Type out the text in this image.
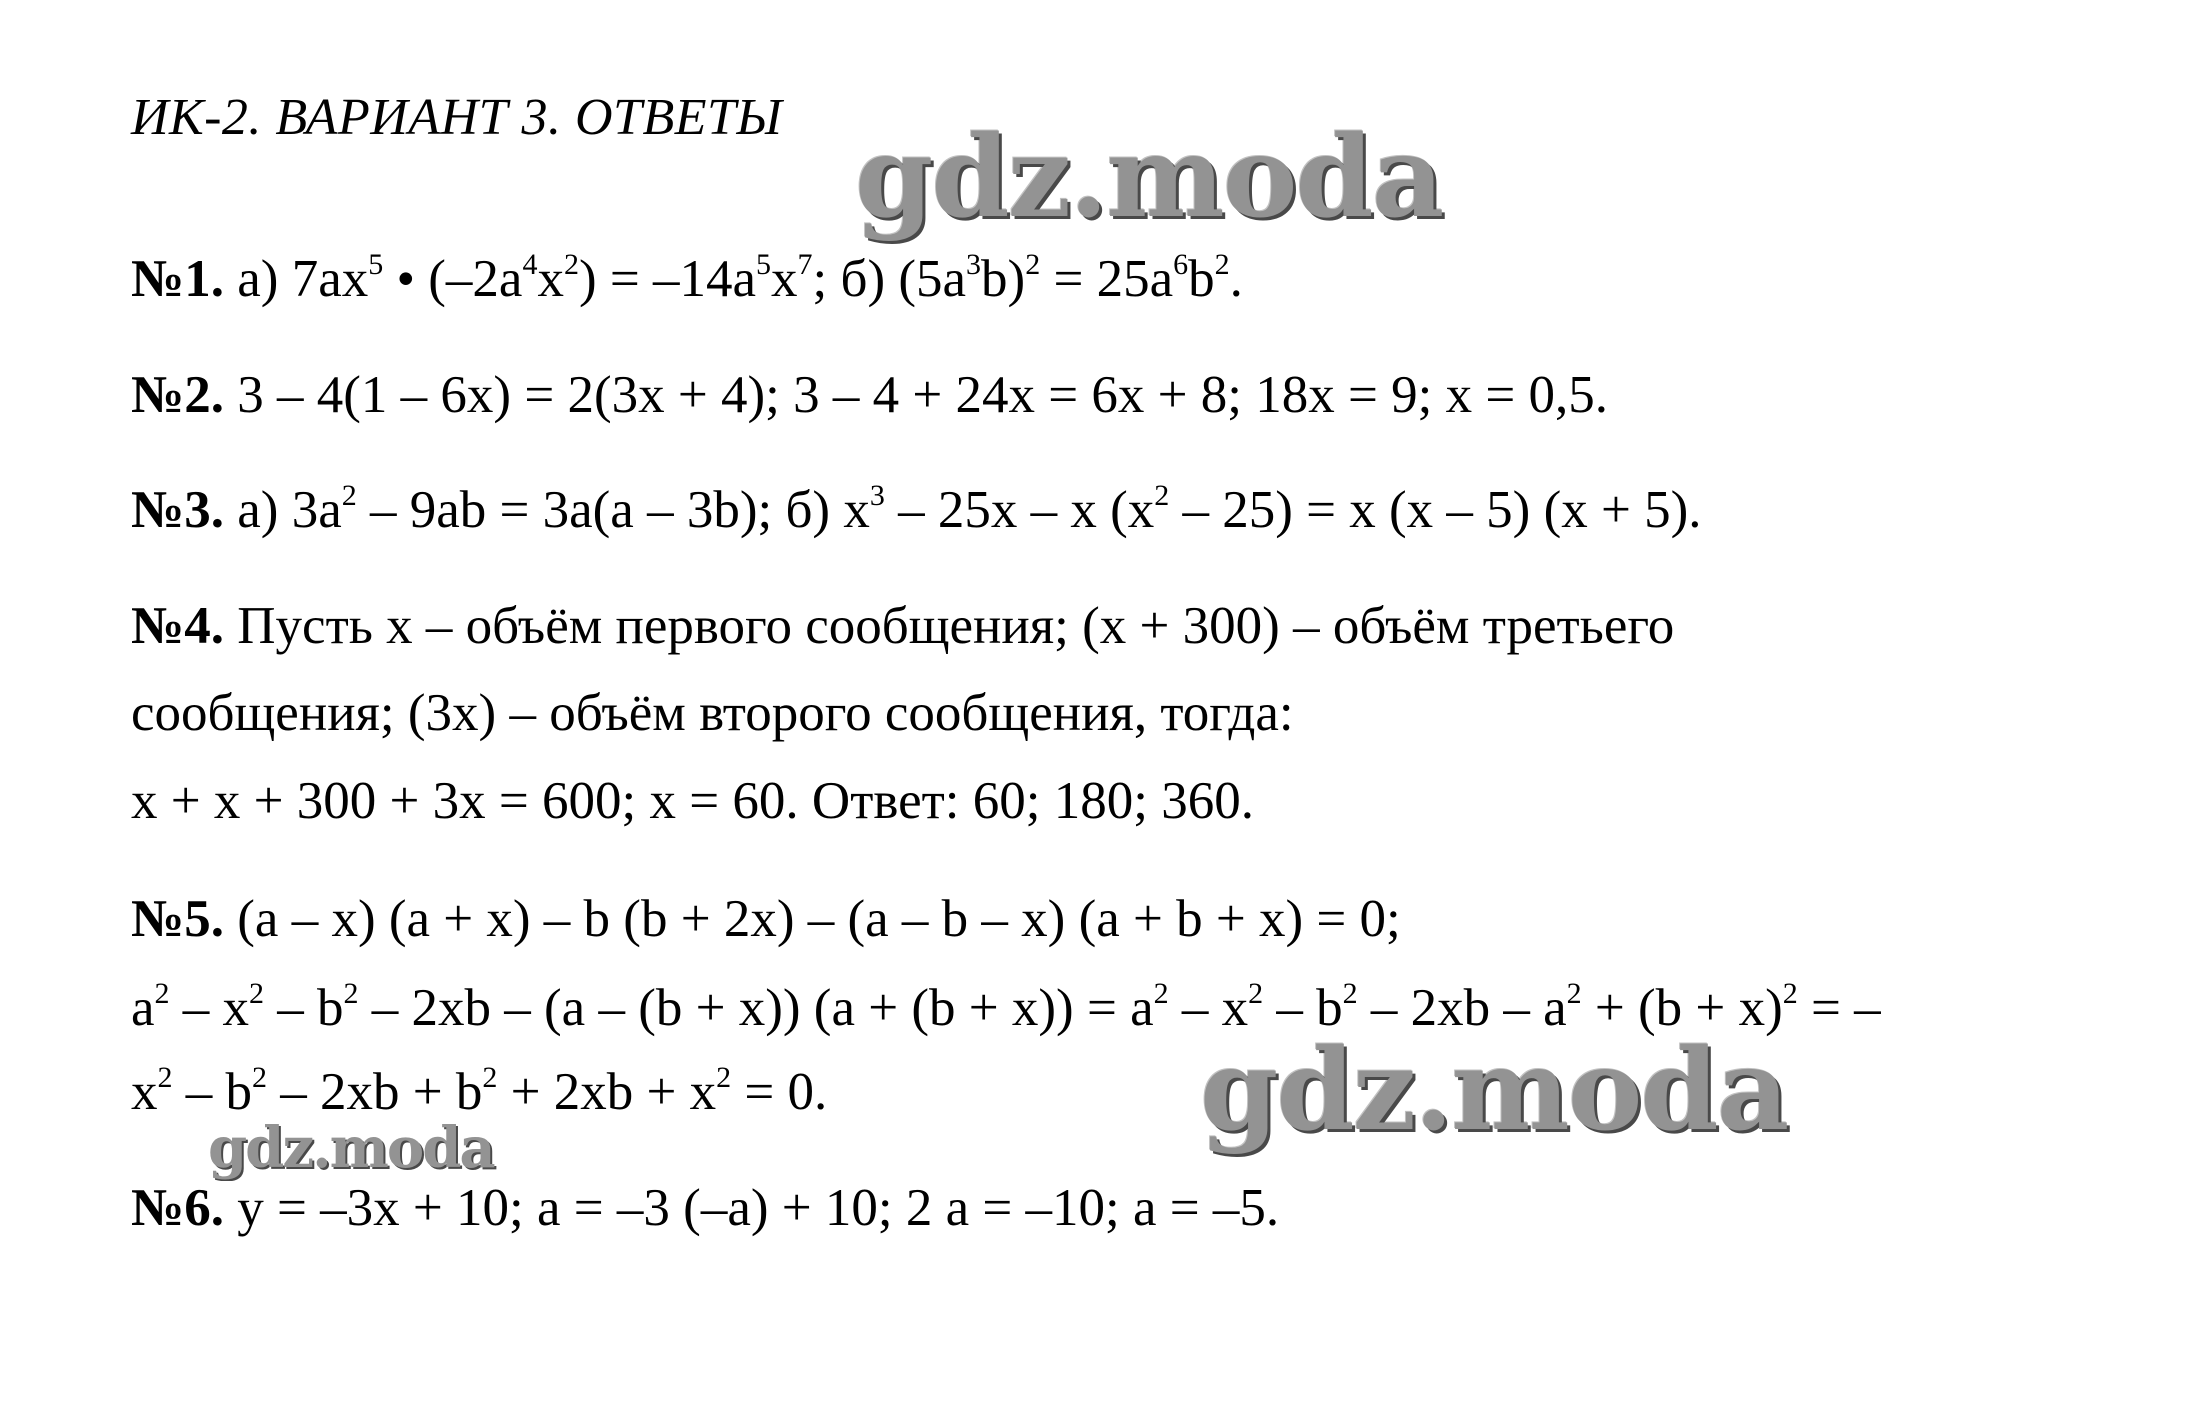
ИК-2. ВАРИАНТ 3. ОТВЕТЫ gdz.moda
№1. а) $7ax^5$ • $(-2a^4x^2) = -14a^5x^7$; б) $(5a^3b)^2 = 25a^6b^2$.
№2. 3 – 4(1 – 6x) = 2(3x + 4); 3 – 4 + 24x = 6x + 8; 18x = 9; x = 0,5.
№3. а) $3a^2 - 9ab = 3a(a - 3b)$; б) $x^3 - 25x$ – x $(x^2 - 25) = x$ (x – 5) (x + 5).
№4. Пусть x – объём первого сообщения; (x + 300) – объём третьего
сообщения; (3x) – объём второго сообщения, тогда:
x + x + 300 + 3x = 600; x = 60. Ответ: 60; 180; 360.
№5. (a – x) (a + x) – b (b + 2x) – (a – b – x) (a + b + x) = 0;
$a^2 - x^2 - b^2 - 2xb - (a - (b + x)) (a + (b + x)) = a^2 - x^2 - b^2 - 2xb - a^2 + (b + x)^2$ = –
$x^2 - b^2 - 2xb + b^2 + 2xb + x^2 = 0$.	gdz.moda
gdz.moda
№6. y = –3x + 10; a = –3 (–a) + 10; 2 a = –10; a = –5.
